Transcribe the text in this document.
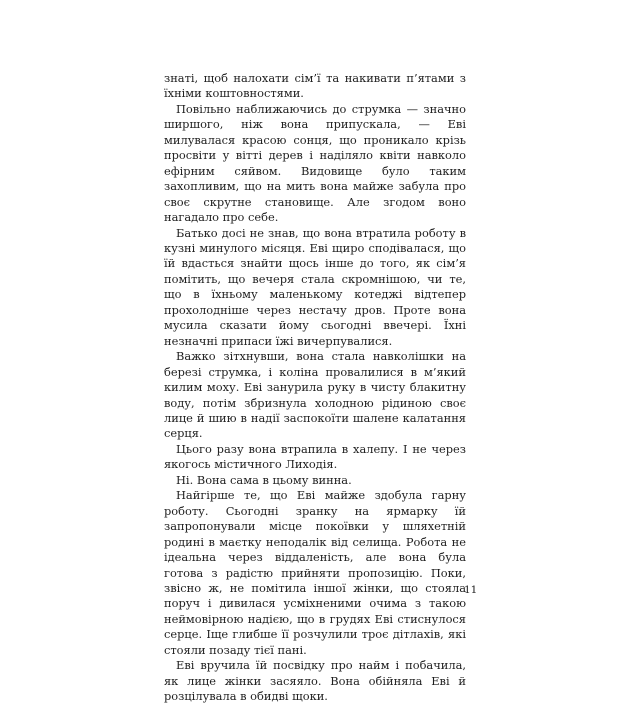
знаті, щоб налохати сім’ї та накивати п’ятами з їхніми коштовностями.

Повільно наближаючись до струмка — значно ширшого, ніж вона припускала, — Еві милувалася красою сонця, що проникало крізь просвіти у вітті дерев і наділяло квіти навколо ефірним сяйвом. Видовище було таким захопливим, що на мить вона майже забула про своє скрутне становище. Але згодом воно нагадало про себе.

Батько досі не знав, що вона втратила роботу в кузні минулого місяця. Еві щиро сподівалася, що їй вдасться знайти щось інше до того, як сім’я помітить, що вечеря стала скромнішою, чи те, що в їхньому маленькому котеджі відтепер прохолодніше через нестачу дров. Проте вона мусила сказати йому сьогодні ввечері. Їхні незначні припаси їжі вичерпувалися.

Важко зітхнувши, вона стала навколішки на березі струмка, і коліна провалилися в м’який килим моху. Еві занурила руку в чисту блакитну воду, потім збризнула холодною рідиною своє лице й шию в надії заспокоїти шалене калатання серця.

Цього разу вона втрапила в халепу. І не через якогось містичного Лиходія.

Ні. Вона сама в цьому винна.

Найгірше те, що Еві майже здобула гарну роботу. Сьогодні зранку на ярмарку їй запропонували місце покоївки у шляхетній родині в маєтку неподалік від селища. Робота не ідеальна через віддаленість, але вона була готова з радістю прийняти пропозицію. Поки, звісно ж, не помітила іншої жінки, що стояла поруч і дивилася усміхненими очима з такою неймовірною надією, що в грудях Еві стиснулося серце. Іще глибше її розчулили троє дітлахів, які стояли позаду тієї пані.

Еві вручила їй посвідку про найм і побачила, як лице жінки засяяло. Вона обійняла Еві й розцілувала в обидві щоки.

11
